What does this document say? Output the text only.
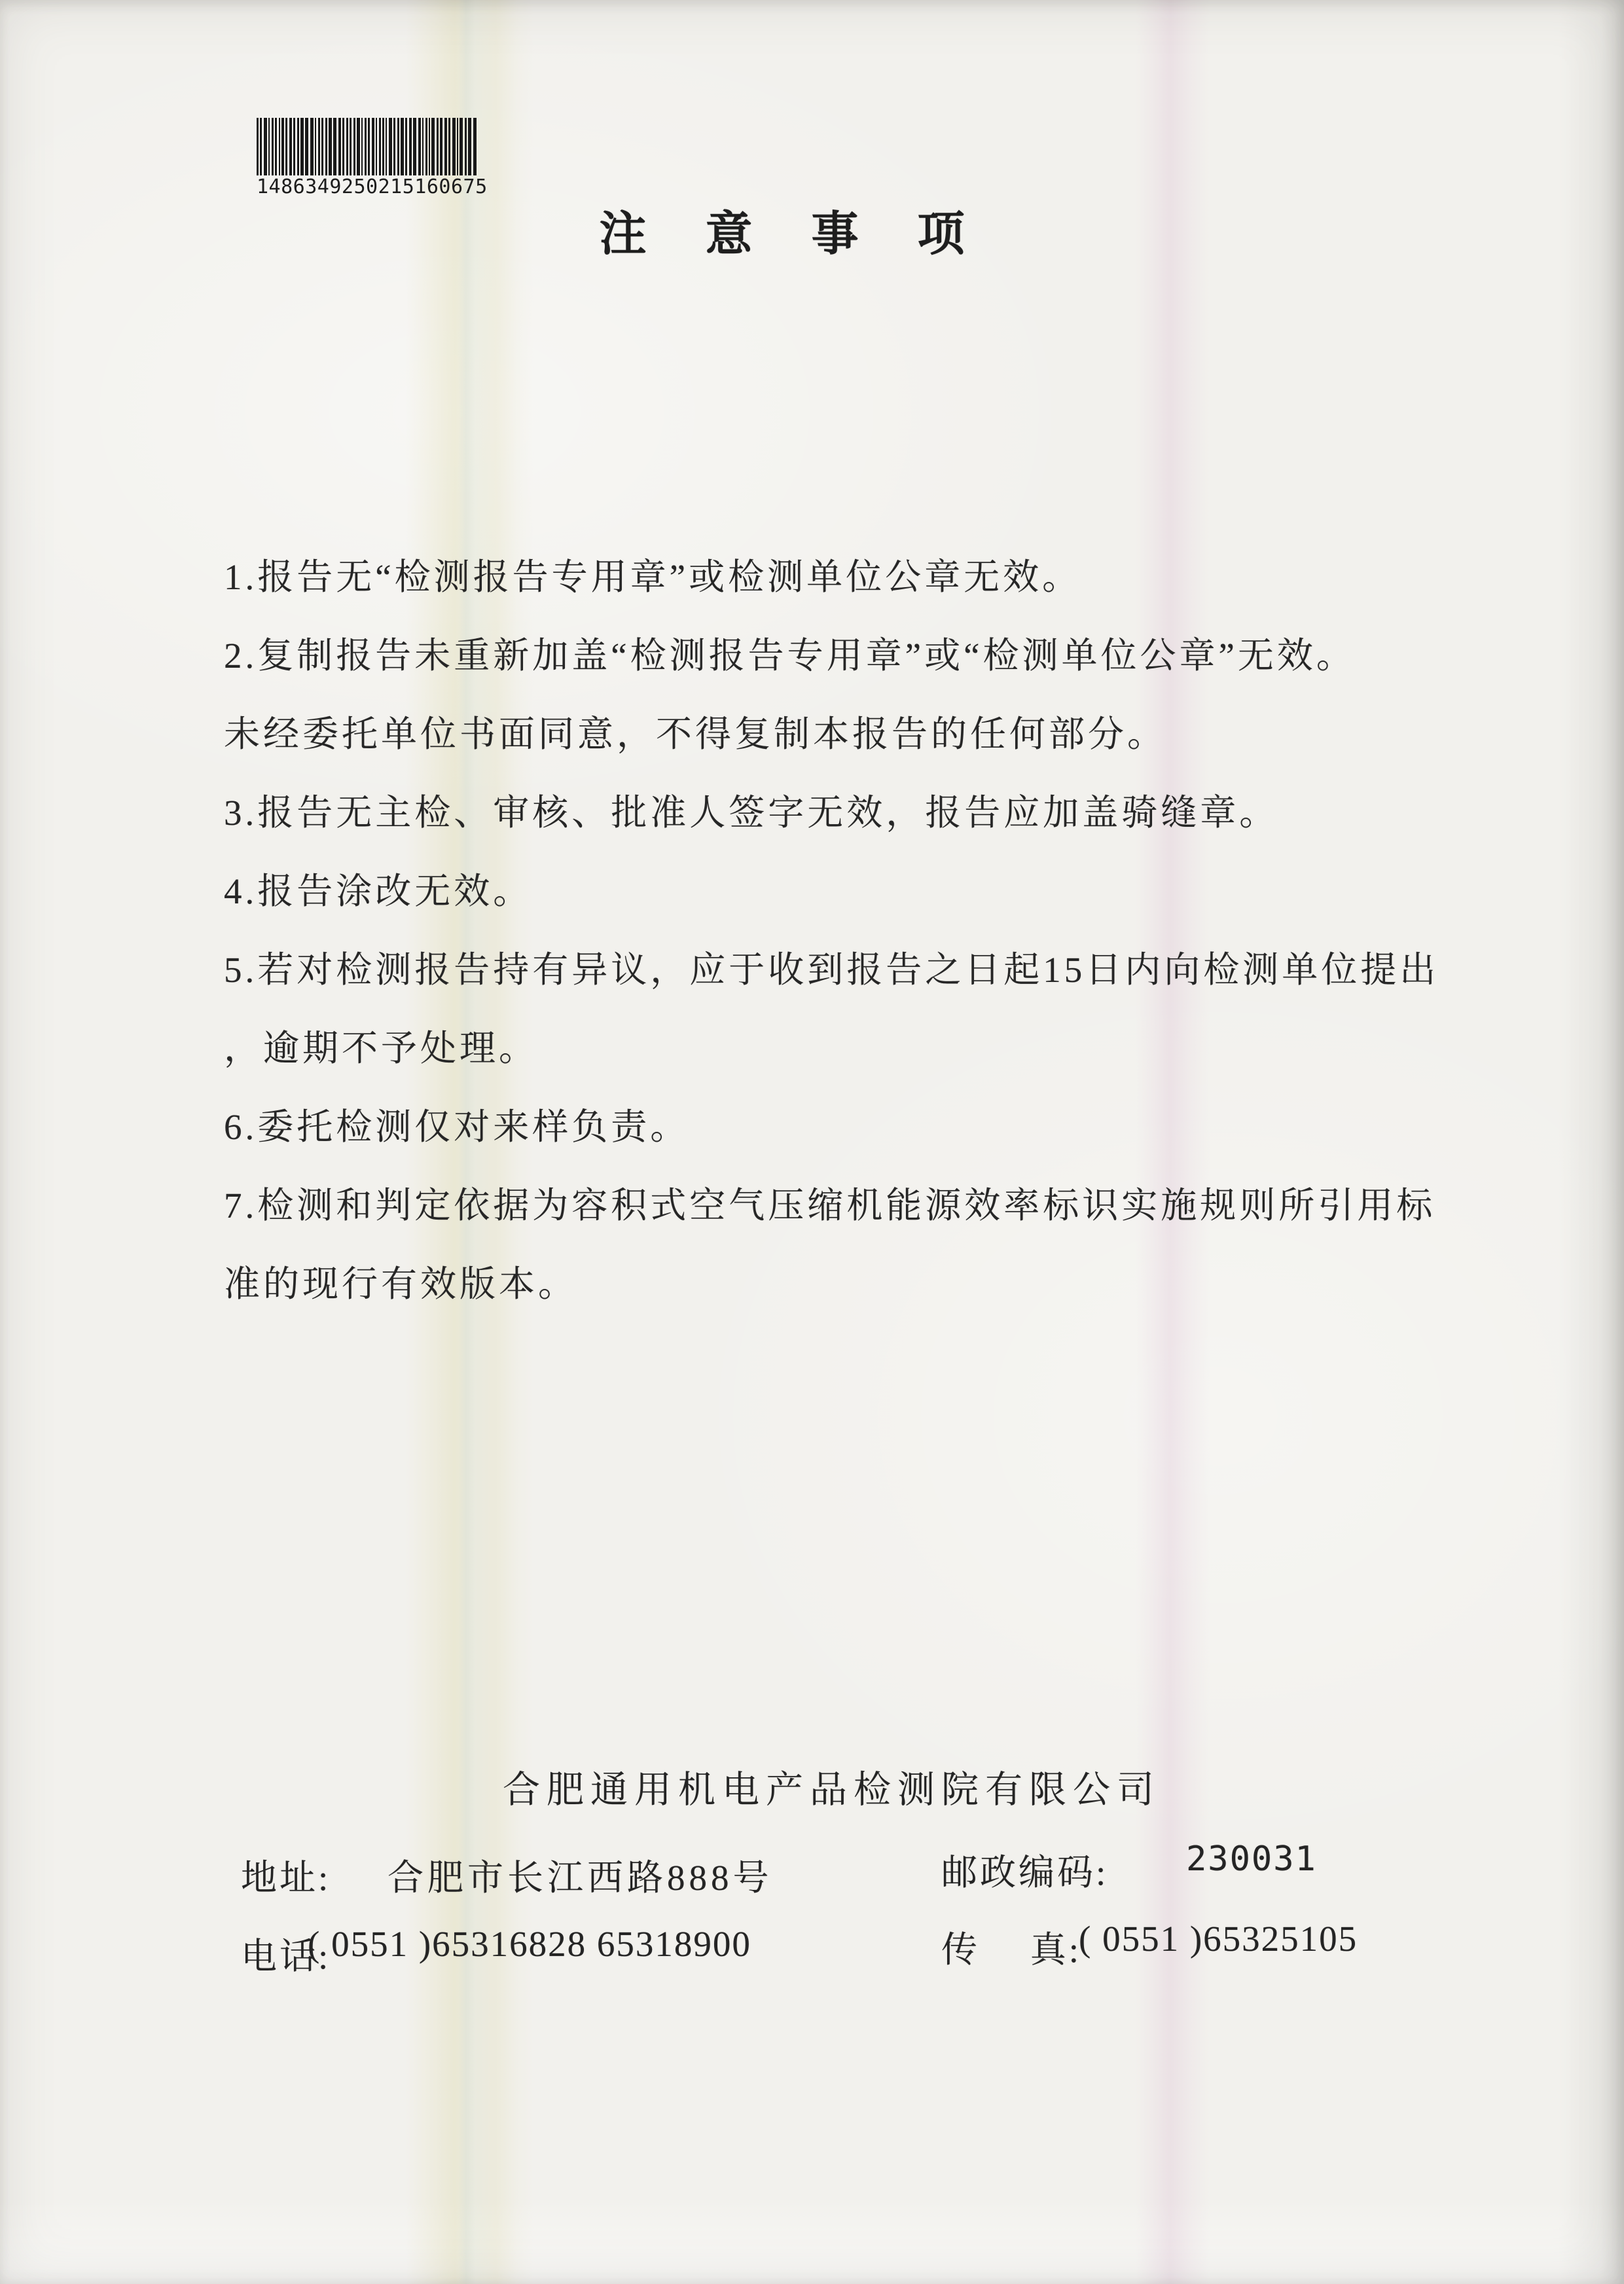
1486349250215160675
注 意 事 项
1.报告无“检测报告专用章”或检测单位公章无效。
2.复制报告未重新加盖“检测报告专用章”或“检测单位公章”无效。
未经委托单位书面同意，不得复制本报告的任何部分。
3.报告无主检、审核、批准人签字无效，报告应加盖骑缝章。
4.报告涂改无效。
5.若对检测报告持有异议，应于收到报告之日起15日内向检测单位提出
，逾期不予处理。
6.委托检测仅对来样负责。
7.检测和判定依据为容积式空气压缩机能源效率标识实施规则所引用标
准的现行有效版本。
合肥通用机电产品检测院有限公司
地址: 合肥市长江西路888号	邮政编码: 230031
电话:
( 0551 )65316828 65318900	传　 真:
( 0551 )65325105
